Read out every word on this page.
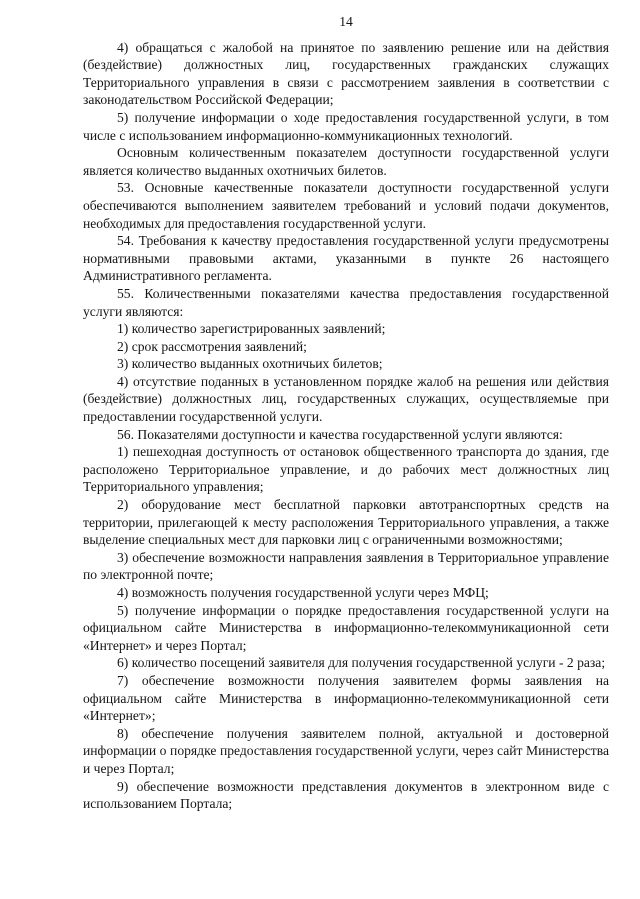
14

4) обращаться с жалобой на принятое по заявлению решение или на действия (бездействие) должностных лиц, государственных гражданских служащих Территориального управления в связи с рассмотрением заявления в соответствии с законодательством Российской Федерации;

5) получение информации о ходе предоставления государственной услуги, в том числе с использованием информационно-коммуникационных технологий.

Основным количественным показателем доступности государственной услуги является количество выданных охотничьих билетов.

53. Основные качественные показатели доступности государственной услуги обеспечиваются выполнением заявителем требований и условий подачи документов, необходимых для предоставления государственной услуги.

54. Требования к качеству предоставления государственной услуги предусмотрены нормативными правовыми актами, указанными в пункте 26 настоящего Административного регламента.

55. Количественными показателями качества предоставления государственной услуги являются:

1) количество зарегистрированных заявлений;

2) срок рассмотрения заявлений;

3) количество выданных охотничьих билетов;

4) отсутствие поданных в установленном порядке жалоб на решения или действия (бездействие) должностных лиц, государственных служащих, осуществляемые при предоставлении государственной услуги.

56. Показателями доступности и качества государственной услуги являются:

1) пешеходная доступность от остановок общественного транспорта до здания, где расположено Территориальное управление, и до рабочих мест должностных лиц Территориального управления;

2) оборудование мест бесплатной парковки автотранспортных средств на территории, прилегающей к месту расположения Территориального управления, а также выделение специальных мест для парковки лиц с ограниченными возможностями;

3) обеспечение возможности направления заявления в Территориальное управление по электронной почте;

4) возможность получения государственной услуги через МФЦ;

5) получение информации о порядке предоставления государственной услуги на официальном сайте Министерства в информационно-телекоммуникационной сети «Интернет» и через Портал;

6) количество посещений заявителя для получения государственной услуги - 2 раза;

7) обеспечение возможности получения заявителем формы заявления на официальном сайте Министерства в информационно-телекоммуникационной сети «Интернет»;

8) обеспечение получения заявителем полной, актуальной и достоверной информации о порядке предоставления государственной услуги, через сайт Министерства и через Портал;

9) обеспечение возможности представления документов в электронном виде с использованием Портала;
